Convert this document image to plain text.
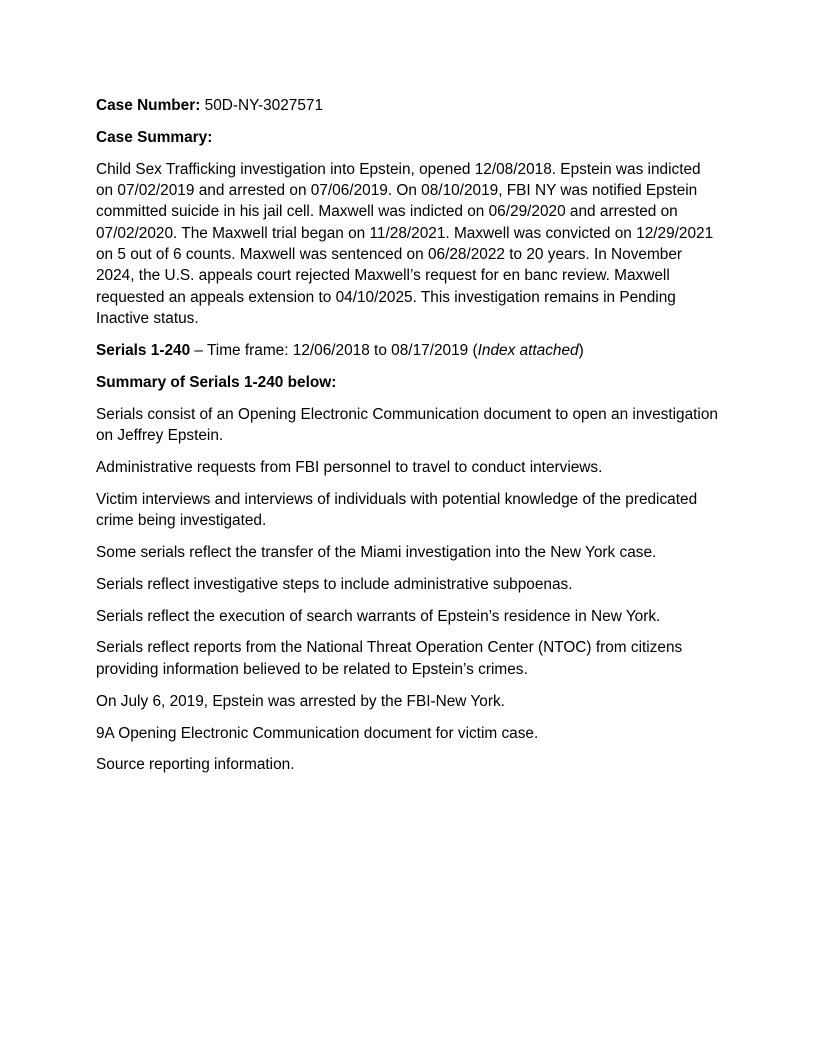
Case Number: 50D-NY-3027571

Case Summary:

Child Sex Trafficking investigation into Epstein, opened 12/08/2018. Epstein was indicted on 07/02/2019 and arrested on 07/06/2019. On 08/10/2019, FBI NY was notified Epstein committed suicide in his jail cell. Maxwell was indicted on 06/29/2020 and arrested on 07/02/2020. The Maxwell trial began on 11/28/2021. Maxwell was convicted on 12/29/2021 on 5 out of 6 counts. Maxwell was sentenced on 06/28/2022 to 20 years. In November 2024, the U.S. appeals court rejected Maxwell’s request for en banc review. Maxwell requested an appeals extension to 04/10/2025. This investigation remains in Pending Inactive status.

Serials 1-240 – Time frame: 12/06/2018 to 08/17/2019 (Index attached)

Summary of Serials 1-240 below:

Serials consist of an Opening Electronic Communication document to open an investigation on Jeffrey Epstein.

Administrative requests from FBI personnel to travel to conduct interviews.

Victim interviews and interviews of individuals with potential knowledge of the predicated crime being investigated.

Some serials reflect the transfer of the Miami investigation into the New York case.

Serials reflect investigative steps to include administrative subpoenas.

Serials reflect the execution of search warrants of Epstein’s residence in New York.

Serials reflect reports from the National Threat Operation Center (NTOC) from citizens providing information believed to be related to Epstein’s crimes.

On July 6, 2019, Epstein was arrested by the FBI-New York.

9A Opening Electronic Communication document for victim case.

Source reporting information.
